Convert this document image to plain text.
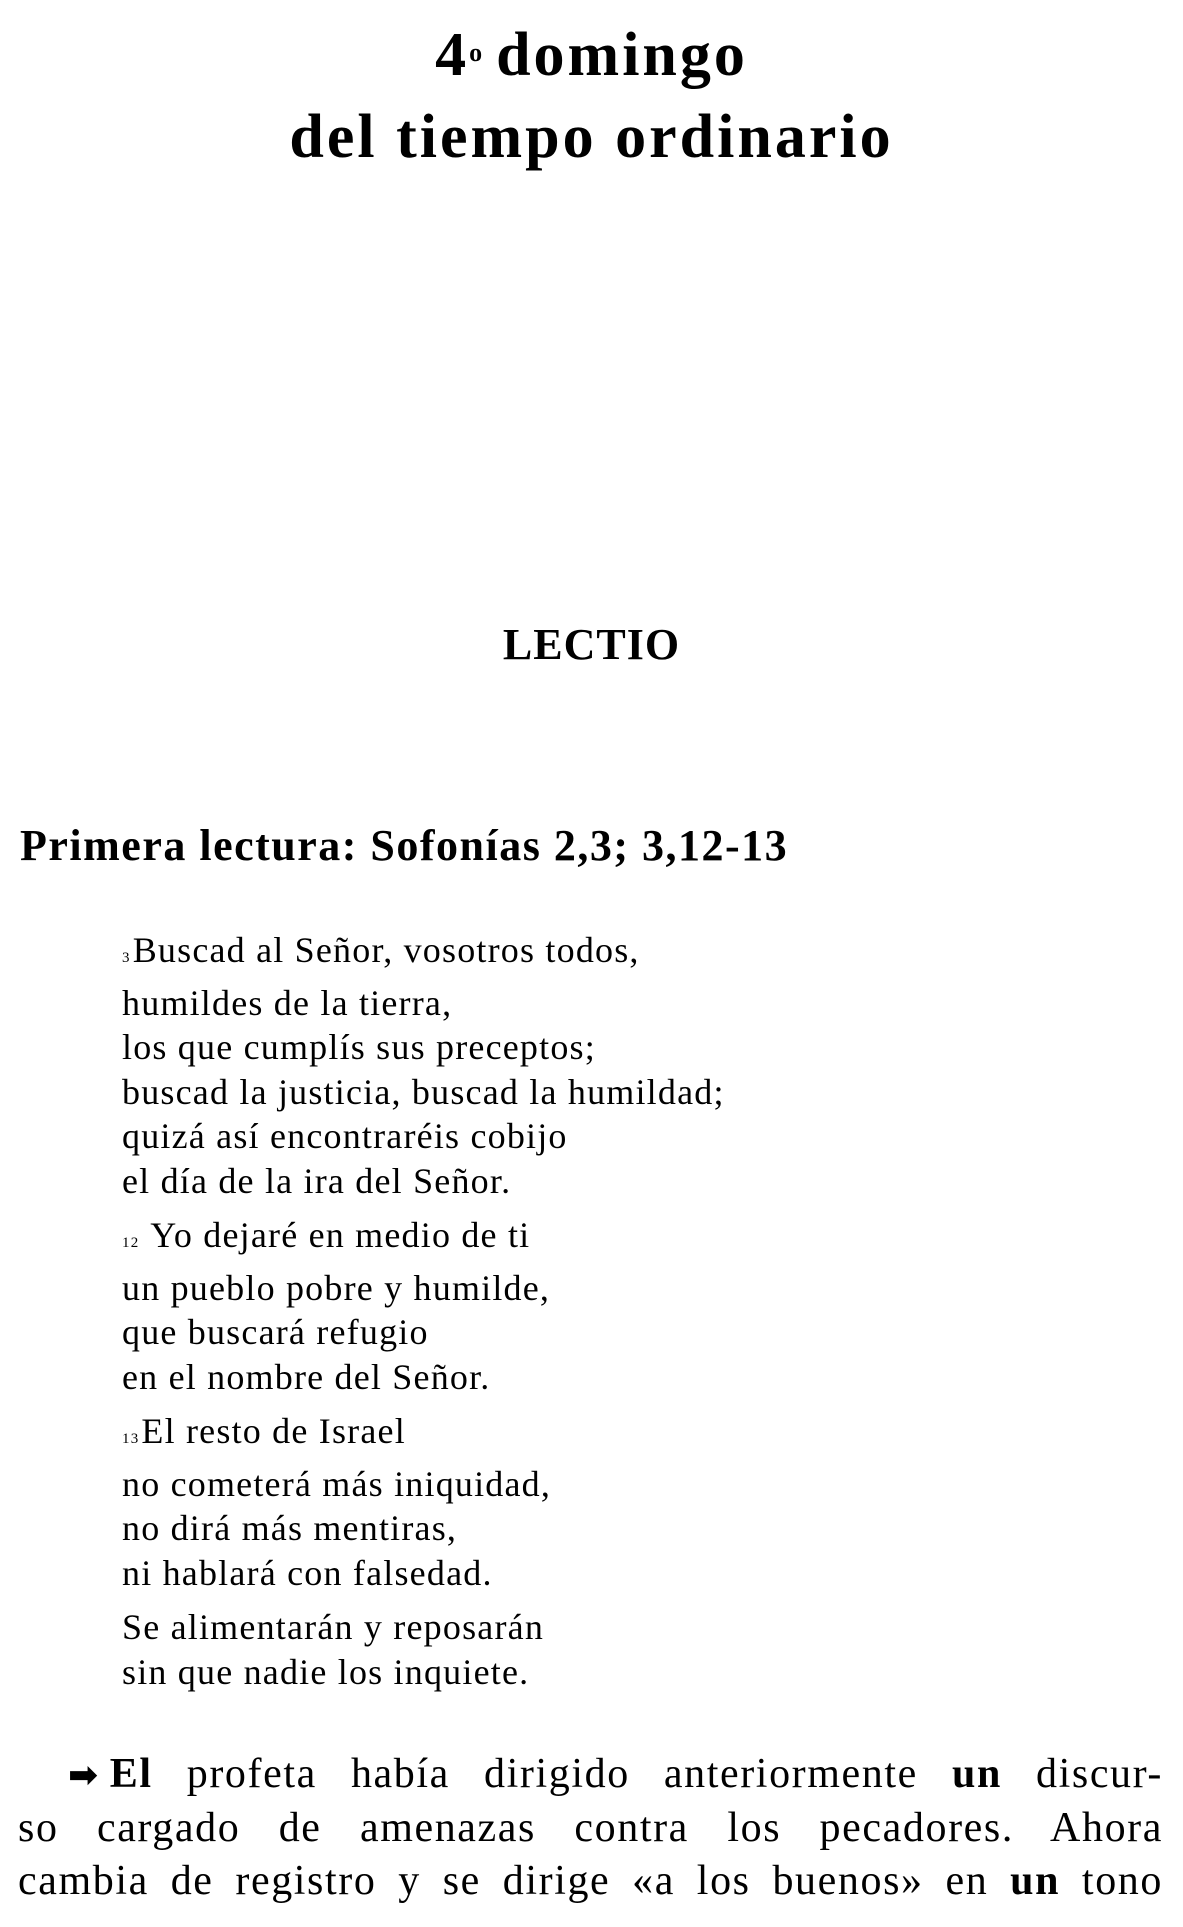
4$^o$ domingo
del tiempo ordinario
LECTIO
Primera lectura: Sofonías 2,3; 3,12-13
3Buscad al Señor, vosotros todos,
humildes de la tierra,
los que cumplís sus preceptos;
buscad la justicia, buscad la humildad;
quizá así encontraréis cobijo
el día de la ira del Señor.
12 Yo dejaré en medio de ti
un pueblo pobre y humilde,
que buscará refugio
en el nombre del Señor.
13El resto de Israel
no cometerá más iniquidad,
no dirá más mentiras,
ni hablará con falsedad.
Se alimentarán y reposarán
sin que nadie los inquiete.
➡ El profeta había dirigido anteriormente un discur-
so cargado de amenazas contra los pecadores. Ahora
cambia de registro y se dirige «a los buenos» en un tono
